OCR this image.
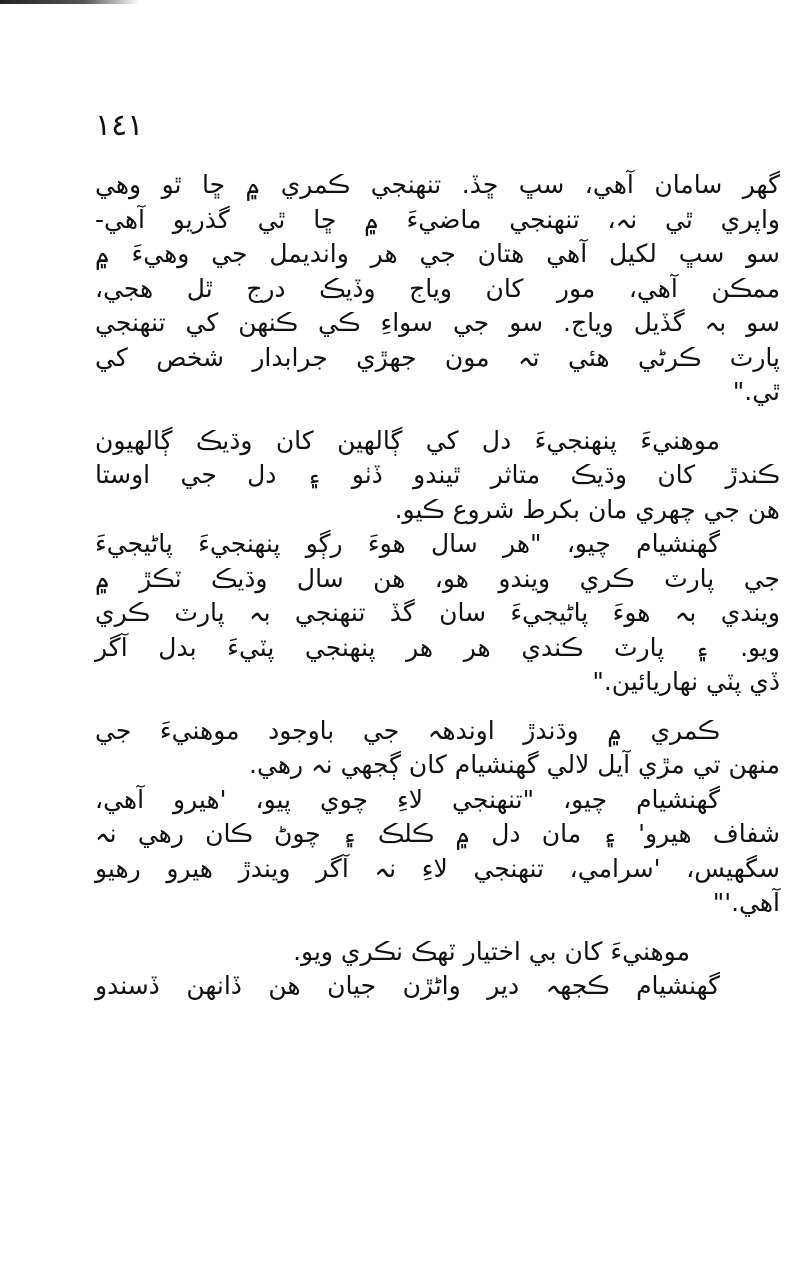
١٤١
گهر سامان آهي، سڀ ڇڏ. تنهنجي ڪمري ۾ ڇا ٿو وهي
واپري ٿي نہ، تنهنجي ماضيءَ ۾ ڇا ٿي گذريو آهي-
سو سڀ لکيل آهي هتان جي هر وانديمل جي وهيءَ ۾
ممڪن آهي، مور کان وياج وڏيڪ درج ٿل هجي،
سو بہ گڏيل وياج. سو جي سواءِ ڪي ڪنهن کي تنهنجي
پارٽ ڪرڻي هئي تہ مون جهڙي جرابدار شخص کي
ٿي."
موهنيءَ پنهنجيءَ دل کي ڳالهين کان وڌيڪ ڳالهيون
ڪندڙ کان وڌيڪ متاثر ٿيندو ڏٺو ۽ دل جي اوستا
هن جي چهري مان بکرط شروع ڪيو.
گهنشيام چيو، "هر سال هوءَ رڳو پنهنجيءَ پاڻيجيءَ
جي پارٽ ڪري ويندو هو، هن سال وڌيڪ ٽڪڙ ۾
ويندي بہ هوءَ پاڻيجيءَ سان گڏ تنهنجي بہ پارٽ ڪري
ويو. ۽ پارٽ ڪندي هر هر پنهنجي پٽيءَ بدل آگر
ڏي پٽي نهاريائين."
ڪمري ۾ وڌندڙ اوندهہ جي باوجود موهنيءَ جي
منهن تي مڙي آيل لالي گهنشيام کان ڳجهي نہ رهي.
گهنشيام چيو، "تنهنجي لاءِ چوي پيو، 'هيرو آهي،
شفاف هيرو' ۽ مان دل ۾ ڪلڪ ۽ چوڻ ڪان رهي نہ
سگهيس، 'سرامي، تنهنجي لاءِ نہ آگر ويندڙ هيرو رهيو
آهي.'"
موهنيءَ کان بي اختيار ٽهڪ نڪري ويو.
گهنشيام ڪجهہ دير واڻڙن جيان هن ڏانهن ڏسندو
